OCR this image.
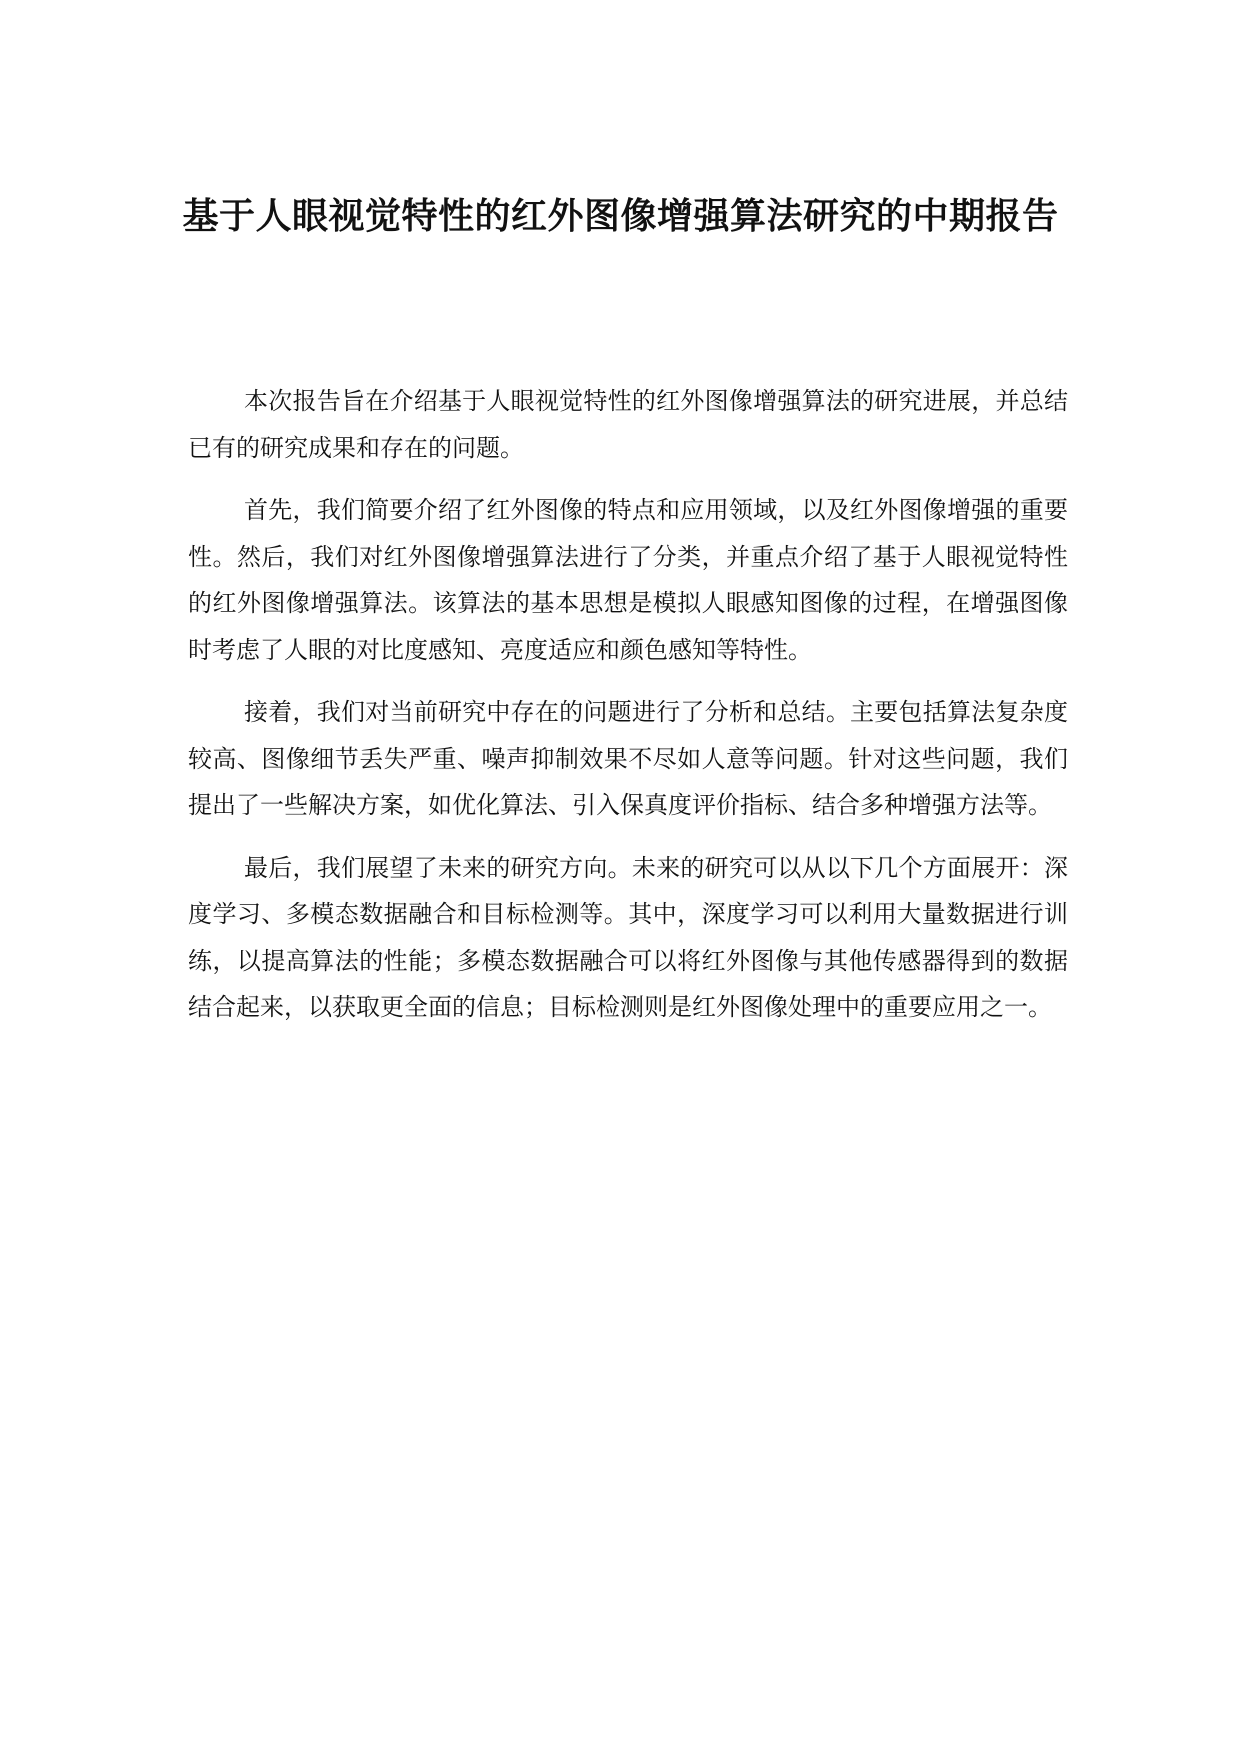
基于人眼视觉特性的红外图像增强算法研究的中期报告

本次报告旨在介绍基于人眼视觉特性的红外图像增强算法的研究进展，并总结已有的研究成果和存在的问题。

首先，我们简要介绍了红外图像的特点和应用领域，以及红外图像增强的重要性。然后，我们对红外图像增强算法进行了分类，并重点介绍了基于人眼视觉特性的红外图像增强算法。该算法的基本思想是模拟人眼感知图像的过程，在增强图像时考虑了人眼的对比度感知、亮度适应和颜色感知等特性。

接着，我们对当前研究中存在的问题进行了分析和总结。主要包括算法复杂度较高、图像细节丢失严重、噪声抑制效果不尽如人意等问题。针对这些问题，我们提出了一些解决方案，如优化算法、引入保真度评价指标、结合多种增强方法等。

最后，我们展望了未来的研究方向。未来的研究可以从以下几个方面展开：深度学习、多模态数据融合和目标检测等。其中，深度学习可以利用大量数据进行训练，以提高算法的性能；多模态数据融合可以将红外图像与其他传感器得到的数据结合起来，以获取更全面的信息；目标检测则是红外图像处理中的重要应用之一。
